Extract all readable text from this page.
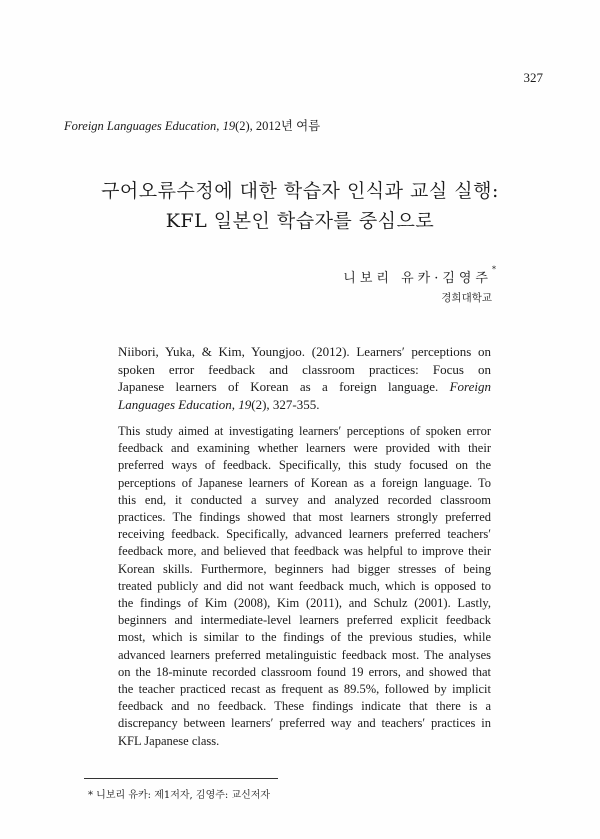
327
Foreign Languages Education, 19(2), 2012년 여름
구어오류수정에 대한 학습자 인식과 교실 실행:
KFL 일본인 학습자를 중심으로
니보리 유카·김영주*
경희대학교
Niibori, Yuka, & Kim, Youngjoo. (2012). Learners′ perceptions on
spoken error feedback and classroom practices: Focus on
Japanese learners of Korean as a foreign language. Foreign
Languages Education, 19(2), 327-355.
This study aimed at investigating learners′ perceptions of spoken error
feedback and examining whether learners were provided with their
preferred ways of feedback. Specifically, this study focused on the
perceptions of Japanese learners of Korean as a foreign language. To
this end, it conducted a survey and analyzed recorded classroom
practices. The findings showed that most learners strongly preferred
receiving feedback. Specifically, advanced learners preferred teachers′
feedback more, and believed that feedback was helpful to improve their
Korean skills. Furthermore, beginners had bigger stresses of being
treated publicly and did not want feedback much, which is opposed to
the findings of Kim (2008), Kim (2011), and Schulz (2001). Lastly,
beginners and intermediate-level learners preferred explicit feedback
most, which is similar to the findings of the previous studies, while
advanced learners preferred metalinguistic feedback most. The analyses
on the 18-minute recorded classroom found 19 errors, and showed that
the teacher practiced recast as frequent as 89.5%, followed by implicit
feedback and no feedback. These findings indicate that there is a
discrepancy between learners′ preferred way and teachers′ practices in
KFL Japanese class.
* 니보리 유카: 제1저자, 김영주: 교신저자
